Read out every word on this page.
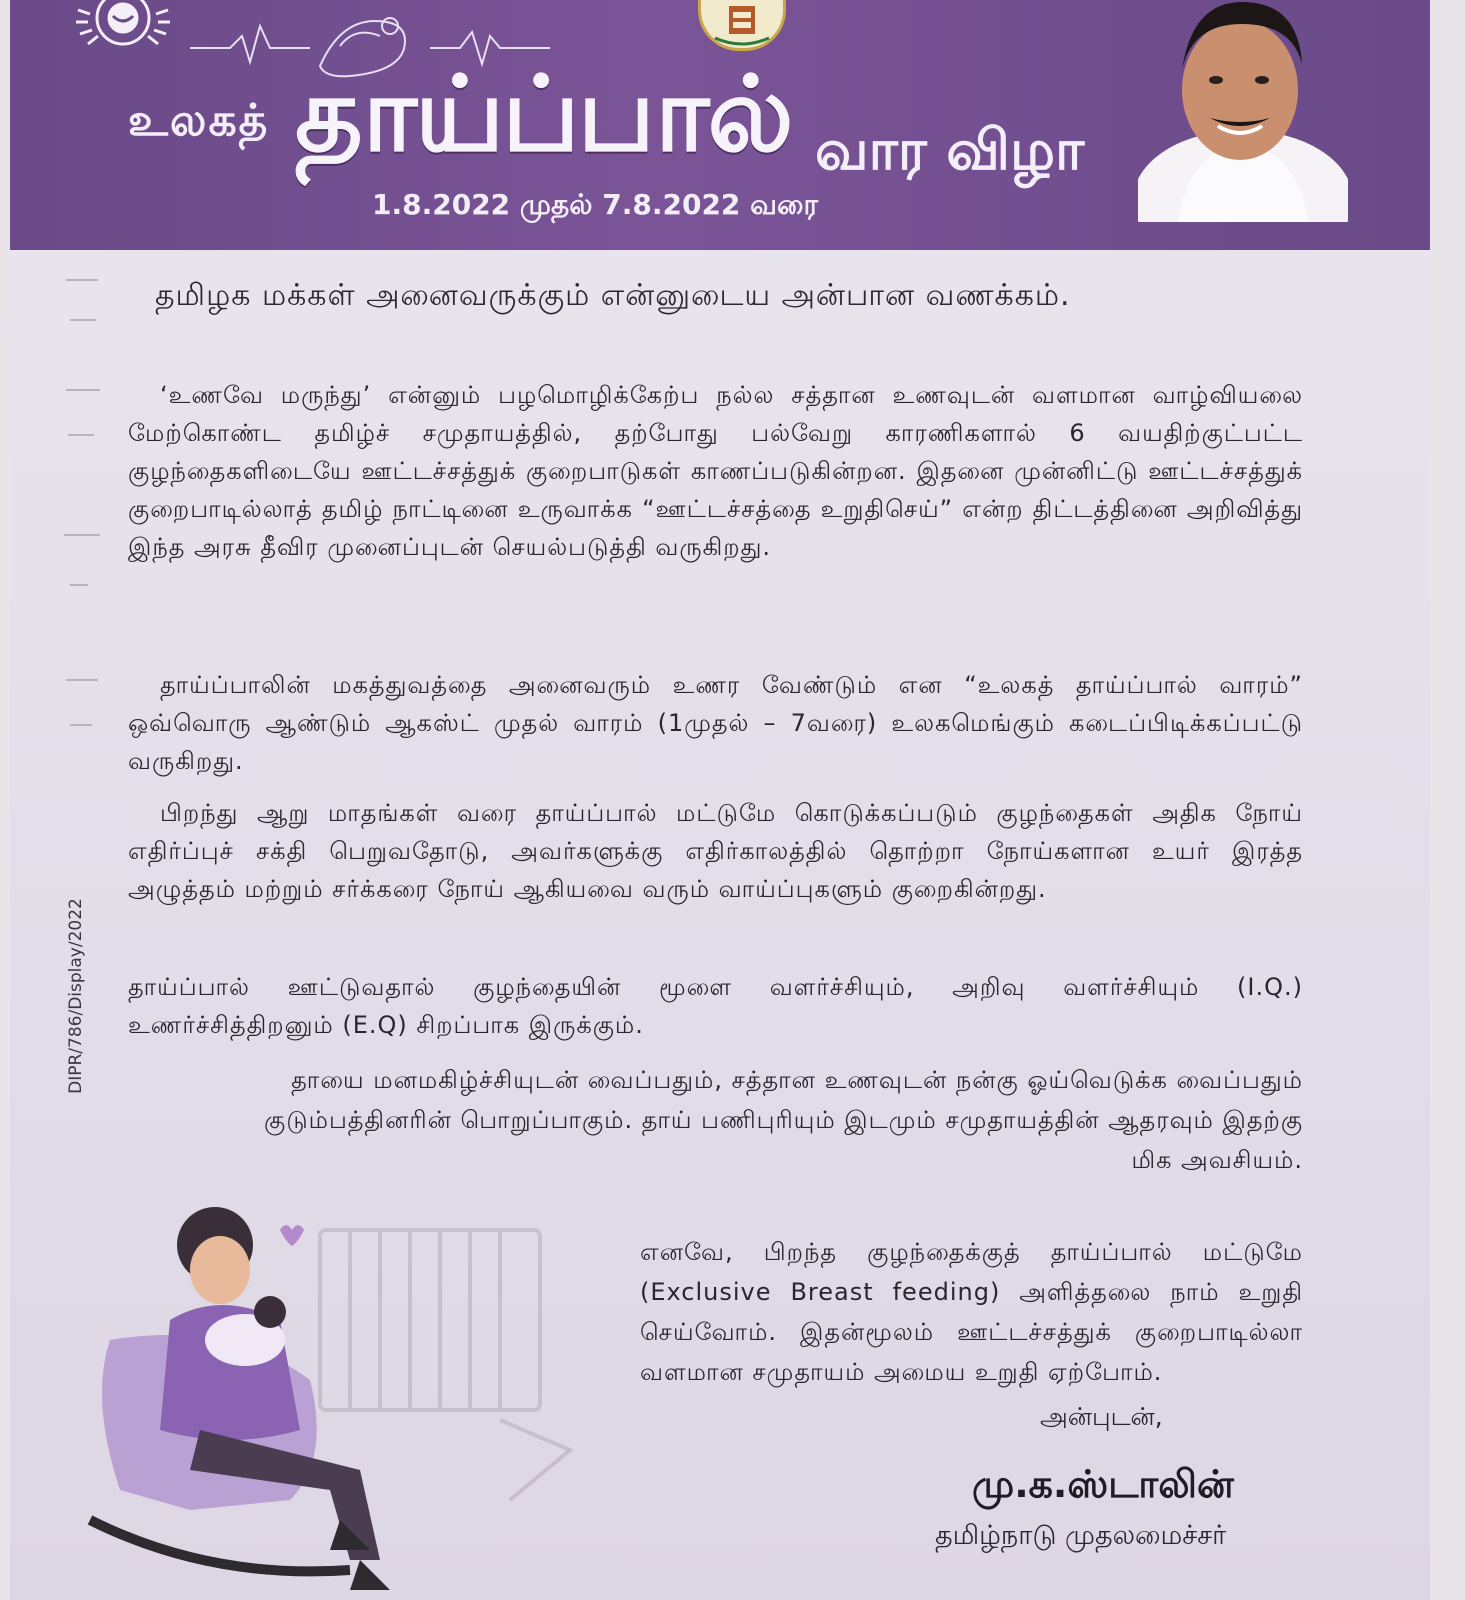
உலகத் தாய்ப்பால் வார விழா
1.8.2022 முதல் 7.8.2022 வரை
தமிழக மக்கள் அனைவருக்கும் என்னுடைய அன்பான வணக்கம்.

‘உணவே மருந்து’ என்னும் பழமொழிக்கேற்ப நல்ல சத்தான உணவுடன் வளமான வாழ்வியலை மேற்கொண்ட தமிழ்ச் சமுதாயத்தில், தற்போது பல்வேறு காரணிகளால் 6 வயதிற்குட்பட்ட குழந்தைகளிடையே ஊட்டச்சத்துக் குறைபாடுகள் காணப்படுகின்றன. இதனை முன்னிட்டு ஊட்டச்சத்துக் குறைபாடில்லாத் தமிழ் நாட்டினை உருவாக்க “ஊட்டச்சத்தை உறுதிசெய்” என்ற திட்டத்தினை அறிவித்து இந்த அரசு தீவிர முனைப்புடன் செயல்படுத்தி வருகிறது.

தாய்ப்பாலின் மகத்துவத்தை அனைவரும் உணர வேண்டும் என “உலகத் தாய்ப்பால் வாரம்” ஒவ்வொரு ஆண்டும் ஆகஸ்ட் முதல் வாரம் (1முதல் – 7வரை) உலகமெங்கும் கடைப்பிடிக்கப்பட்டு வருகிறது.

பிறந்து ஆறு மாதங்கள் வரை தாய்ப்பால் மட்டுமே கொடுக்கப்படும் குழந்தைகள் அதிக நோய் எதிர்ப்புச் சக்தி பெறுவதோடு, அவர்களுக்கு எதிர்காலத்தில் தொற்றா நோய்களான உயர் இரத்த அழுத்தம் மற்றும் சர்க்கரை நோய் ஆகியவை வரும் வாய்ப்புகளும் குறைகின்றது.

தாய்ப்பால் ஊட்டுவதால் குழந்தையின் மூளை வளர்ச்சியும், அறிவு வளர்ச்சியும் (I.Q.) உணர்ச்சித்திறனும் (E.Q) சிறப்பாக இருக்கும்.

தாயை மனமகிழ்ச்சியுடன் வைப்பதும், சத்தான உணவுடன் நன்கு ஓய்வெடுக்க வைப்பதும் குடும்பத்தினரின் பொறுப்பாகும். தாய் பணிபுரியும் இடமும் சமுதாயத்தின் ஆதரவும் இதற்கு மிக அவசியம்.

எனவே, பிறந்த குழந்தைக்குத் தாய்ப்பால் மட்டுமே (Exclusive Breast feeding) அளித்தலை நாம் உறுதி செய்வோம். இதன்மூலம் ஊட்டச்சத்துக் குறைபாடில்லா வளமான சமுதாயம் அமைய உறுதி ஏற்போம்.

அன்புடன்,
மு.க.ஸ்டாலின்
தமிழ்நாடு முதலமைச்சர்
DIPR/786/Display/2022
